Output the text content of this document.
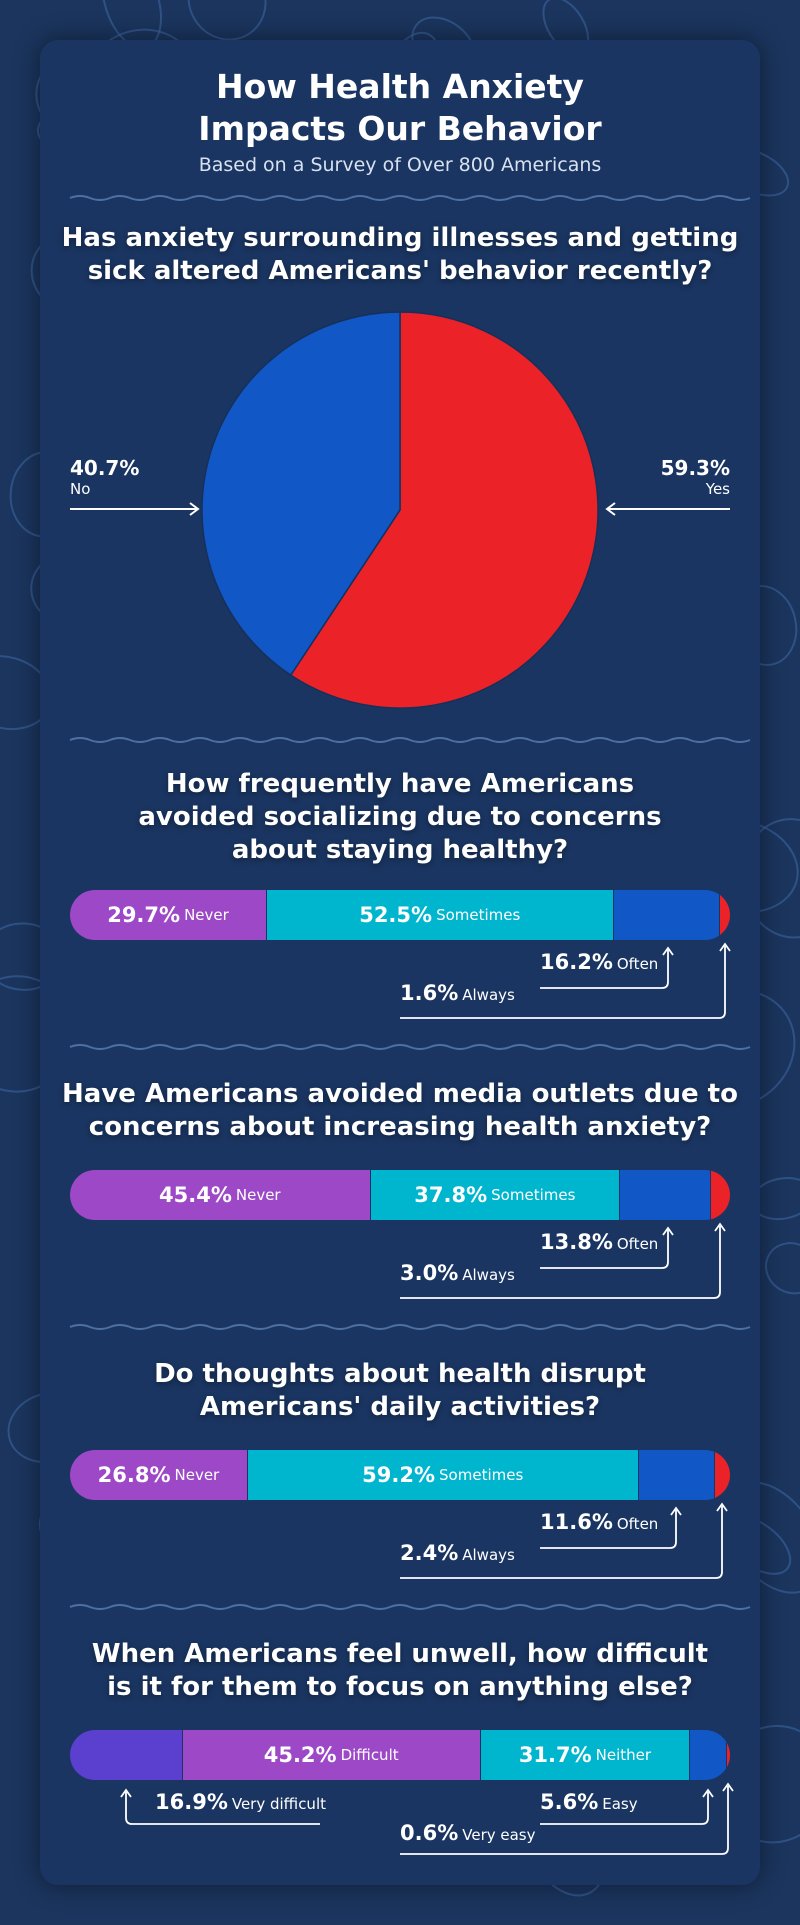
How Health Anxiety
Impacts Our Behavior
Based on a Survey of Over 800 Americans
Has anxiety surrounding illnesses and getting
sick altered Americans' behavior recently?
40.7%
No
59.3%
Yes
How frequently have Americans
avoided socializing due to concerns
about staying healthy?
29.7% Never	52.5% Sometimes
16.2% Often
1.6% Always
Have Americans avoided media outlets due to
concerns about increasing health anxiety?
45.4% Never	37.8% Sometimes
13.8% Often
3.0% Always
Do thoughts about health disrupt
Americans' daily activities?
26.8% Never	59.2% Sometimes
11.6% Often
2.4% Always
When Americans feel unwell, how difficult
is it for them to focus on anything else?
45.2% Difficult	31.7% Neither
16.9% Very difficult	5.6% Easy
0.6% Very easy
